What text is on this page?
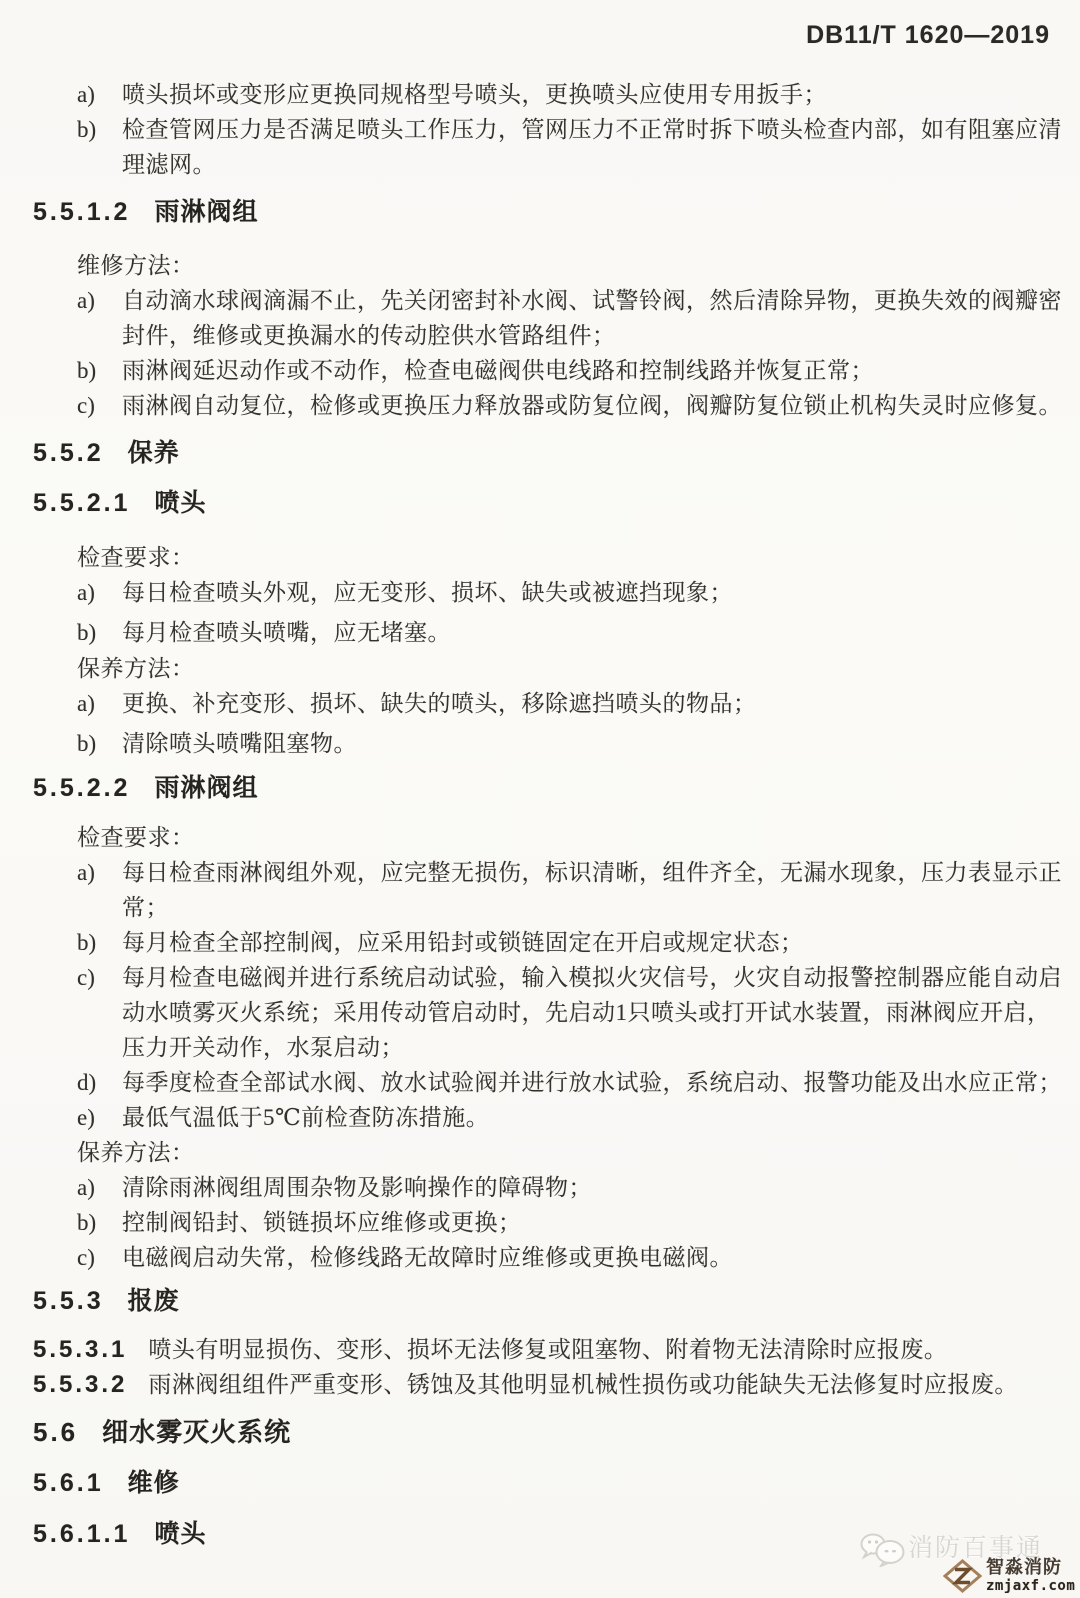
DB11/T 1620—2019
a)	喷头损坏或变形应更换同规格型号喷头，更换喷头应使用专用扳手；
b)	检查管网压力是否满足喷头工作压力，管网压力不正常时拆下喷头检查内部，如有阻塞应清理滤网。
5.5.1.2 雨淋阀组
维修方法：
a)	自动滴水球阀滴漏不止，先关闭密封补水阀、试警铃阀，然后清除异物，更换失效的阀瓣密封件，维修或更换漏水的传动腔供水管路组件；
b)	雨淋阀延迟动作或不动作，检查电磁阀供电线路和控制线路并恢复正常；
c)	雨淋阀自动复位，检修或更换压力释放器或防复位阀，阀瓣防复位锁止机构失灵时应修复。
5.5.2 保养
5.5.2.1 喷头
检查要求：
a)	每日检查喷头外观，应无变形、损坏、缺失或被遮挡现象；
b)	每月检查喷头喷嘴，应无堵塞。
保养方法：
a)	更换、补充变形、损坏、缺失的喷头，移除遮挡喷头的物品；
b)	清除喷头喷嘴阻塞物。
5.5.2.2 雨淋阀组
检查要求：
a)	每日检查雨淋阀组外观，应完整无损伤，标识清晰，组件齐全，无漏水现象，压力表显示正常；
b)	每月检查全部控制阀，应采用铅封或锁链固定在开启或规定状态；
c)	每月检查电磁阀并进行系统启动试验，输入模拟火灾信号，火灾自动报警控制器应能自动启动水喷雾灭火系统；采用传动管启动时，先启动1只喷头或打开试水装置，雨淋阀应开启，压力开关动作，水泵启动；
d)	每季度检查全部试水阀、放水试验阀并进行放水试验，系统启动、报警功能及出水应正常；
e)	最低气温低于5℃前检查防冻措施。
保养方法：
a)	清除雨淋阀组周围杂物及影响操作的障碍物；
b)	控制阀铅封、锁链损坏应维修或更换；
c)	电磁阀启动失常，检修线路无故障时应维修或更换电磁阀。
5.5.3 报废
5.5.3.1 喷头有明显损伤、变形、损坏无法修复或阻塞物、附着物无法清除时应报废。
5.5.3.2 雨淋阀组组件严重变形、锈蚀及其他明显机械性损伤或功能缺失无法修复时应报废。
5.6 细水雾灭火系统
5.6.1 维修
5.6.1.1 喷头	消防百事通
智淼消防
zmjaxf.com
